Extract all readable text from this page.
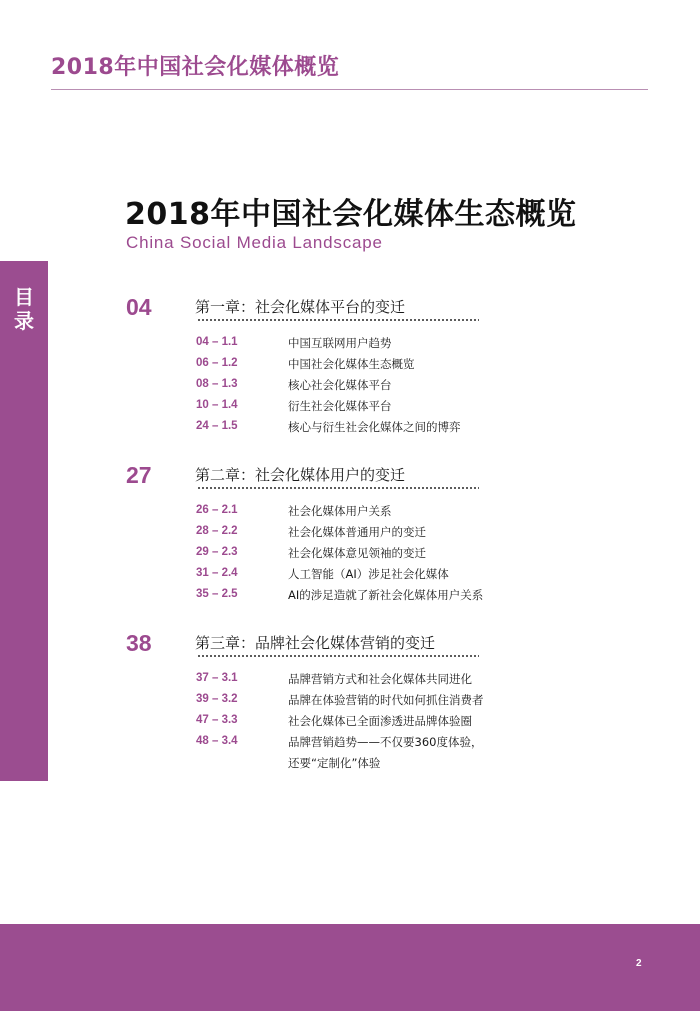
2018年中国社会化媒体概览
2018年中国社会化媒体生态概览
China Social Media Landscape
目
录
04	第一章：社会化媒体平台的变迁
04 – 1.1	中国互联网用户趋势
06 – 1.2	中国社会化媒体生态概览
08 – 1.3	核心社会化媒体平台
10 – 1.4	衍生社会化媒体平台
24 – 1.5	核心与衍生社会化媒体之间的博弈
27	第二章：社会化媒体用户的变迁
26 – 2.1	社会化媒体用户关系
28 – 2.2	社会化媒体普通用户的变迁
29 – 2.3	社会化媒体意见领袖的变迁
31 – 2.4	人工智能（AI）涉足社会化媒体
35 – 2.5	AI的涉足造就了新社会化媒体用户关系
38	第三章：品牌社会化媒体营销的变迁
37 – 3.1	品牌营销方式和社会化媒体共同进化
39 – 3.2	品牌在体验营销的时代如何抓住消费者
47 – 3.3	社会化媒体已全面渗透进品牌体验圈
48 – 3.4	品牌营销趋势——不仅要360度体验，
还要“定制化”体验
2
